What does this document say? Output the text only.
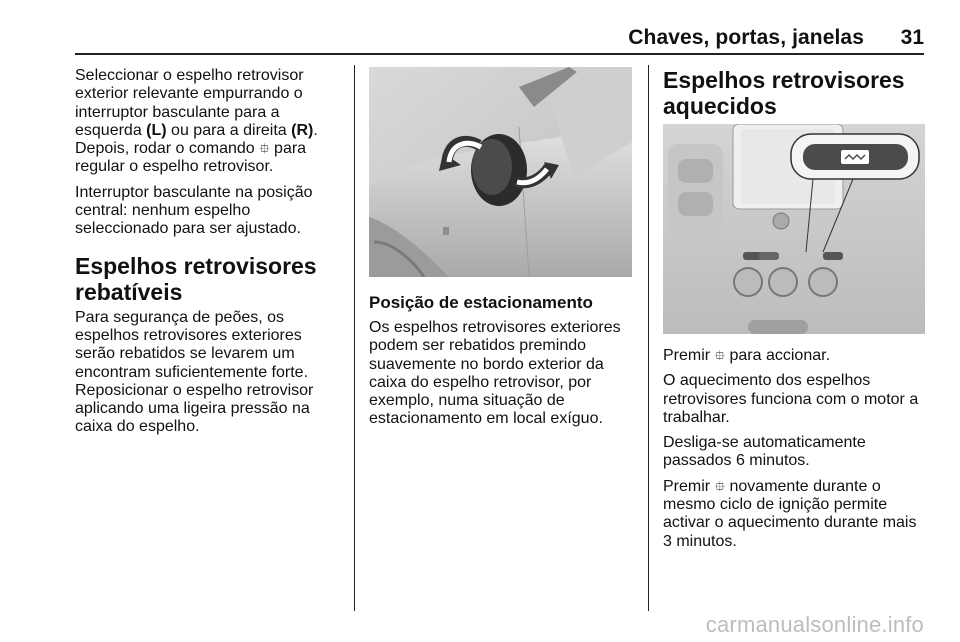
Chaves, portas, janelas 31

Seleccionar o espelho retrovisor exterior relevante empurrando o interruptor basculante para a esquerda (L) ou para a direita (R). Depois, rodar o comando ⯐ para regular o espelho retrovisor.

Interruptor basculante na posição central: nenhum espelho seleccionado para ser ajustado.

Espelhos retrovisores rebatíveis

Para segurança de peões, os espelhos retrovisores exteriores serão rebatidos se levarem um encontram suficientemente forte. Reposicionar o espelho retrovisor aplicando uma ligeira pressão na caixa do espelho.

Posição de estacionamento

Os espelhos retrovisores exteriores podem ser rebatidos premindo suavemente no bordo exterior da caixa do espelho retrovisor, por exemplo, numa situação de estacionamento em local exíguo.

Espelhos retrovisores aquecidos

Premir ⯐ para accionar.

O aquecimento dos espelhos retrovisores funciona com o motor a trabalhar.

Desliga-se automaticamente passados 6 minutos.

Premir ⯐ novamente durante o mesmo ciclo de ignição permite activar o aquecimento durante mais 3 minutos.

carmanualsonline.info
